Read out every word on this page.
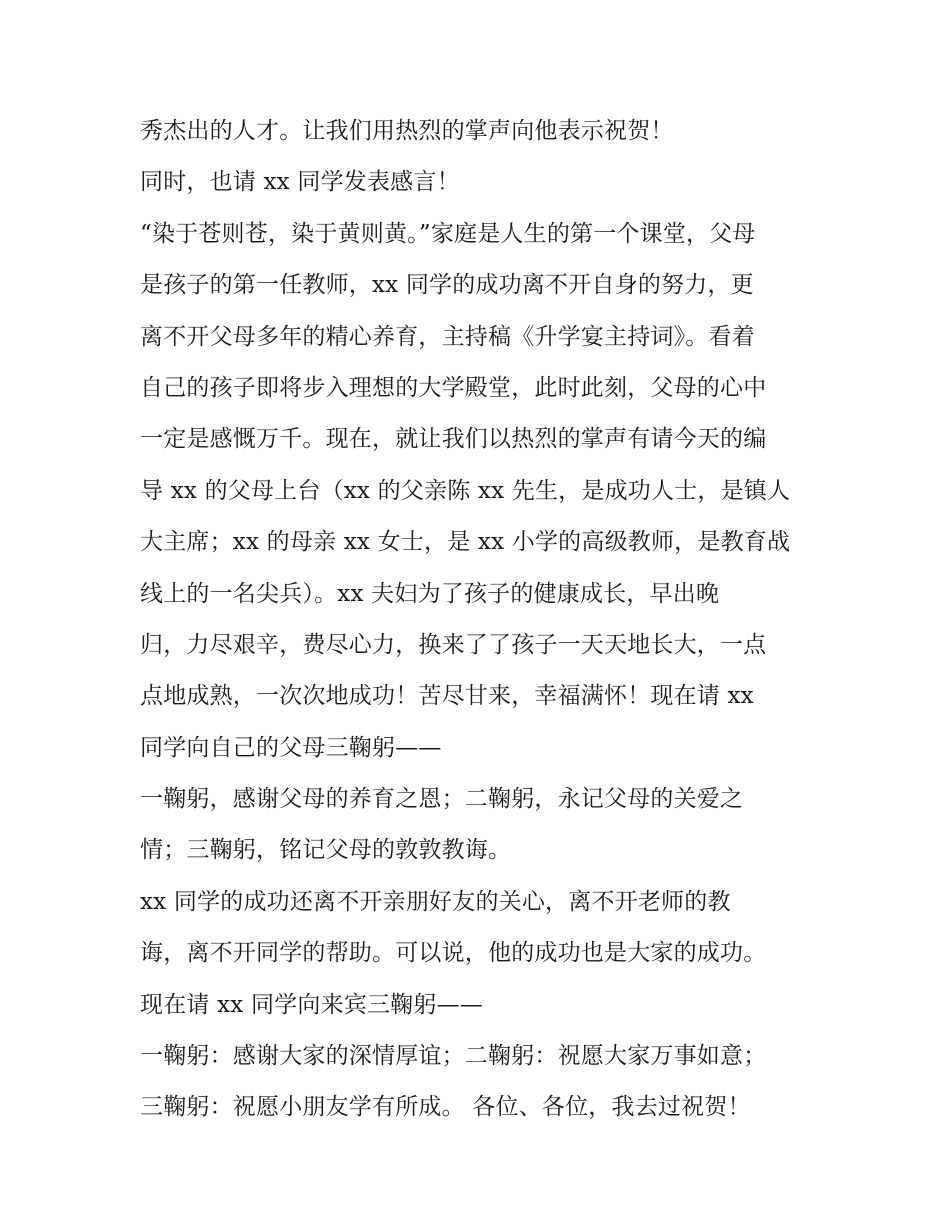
秀杰出的人才。让我们用热烈的掌声向他表示祝贺！
同时，也请 xx 同学发表感言！
“染于苍则苍，染于黄则黄。”家庭是人生的第一个课堂，父母
是孩子的第一任教师，xx 同学的成功离不开自身的努力，更
离不开父母多年的精心养育，主持稿《升学宴主持词》。看着
自己的孩子即将步入理想的大学殿堂，此时此刻，父母的心中
一定是感慨万千。现在，就让我们以热烈的掌声有请今天的编
导 xx 的父母上台（xx 的父亲陈 xx 先生，是成功人士，是镇人
大主席；xx 的母亲 xx 女士，是 xx 小学的高级教师，是教育战
线上的一名尖兵）。xx 夫妇为了孩子的健康成长，早出晚
归，力尽艰辛，费尽心力，换来了了孩子一天天地长大，一点
点地成熟，一次次地成功！苦尽甘来，幸福满怀！现在请 xx
同学向自己的父母三鞠躬——
一鞠躬，感谢父母的养育之恩；二鞠躬，永记父母的关爱之
情；三鞠躬，铭记父母的敦敦教诲。
xx 同学的成功还离不开亲朋好友的关心，离不开老师的教
诲，离不开同学的帮助。可以说，他的成功也是大家的成功。
现在请 xx 同学向来宾三鞠躬——
一鞠躬：感谢大家的深情厚谊；二鞠躬：祝愿大家万事如意；
三鞠躬：祝愿小朋友学有所成。 各位、各位，我去过祝贺！
